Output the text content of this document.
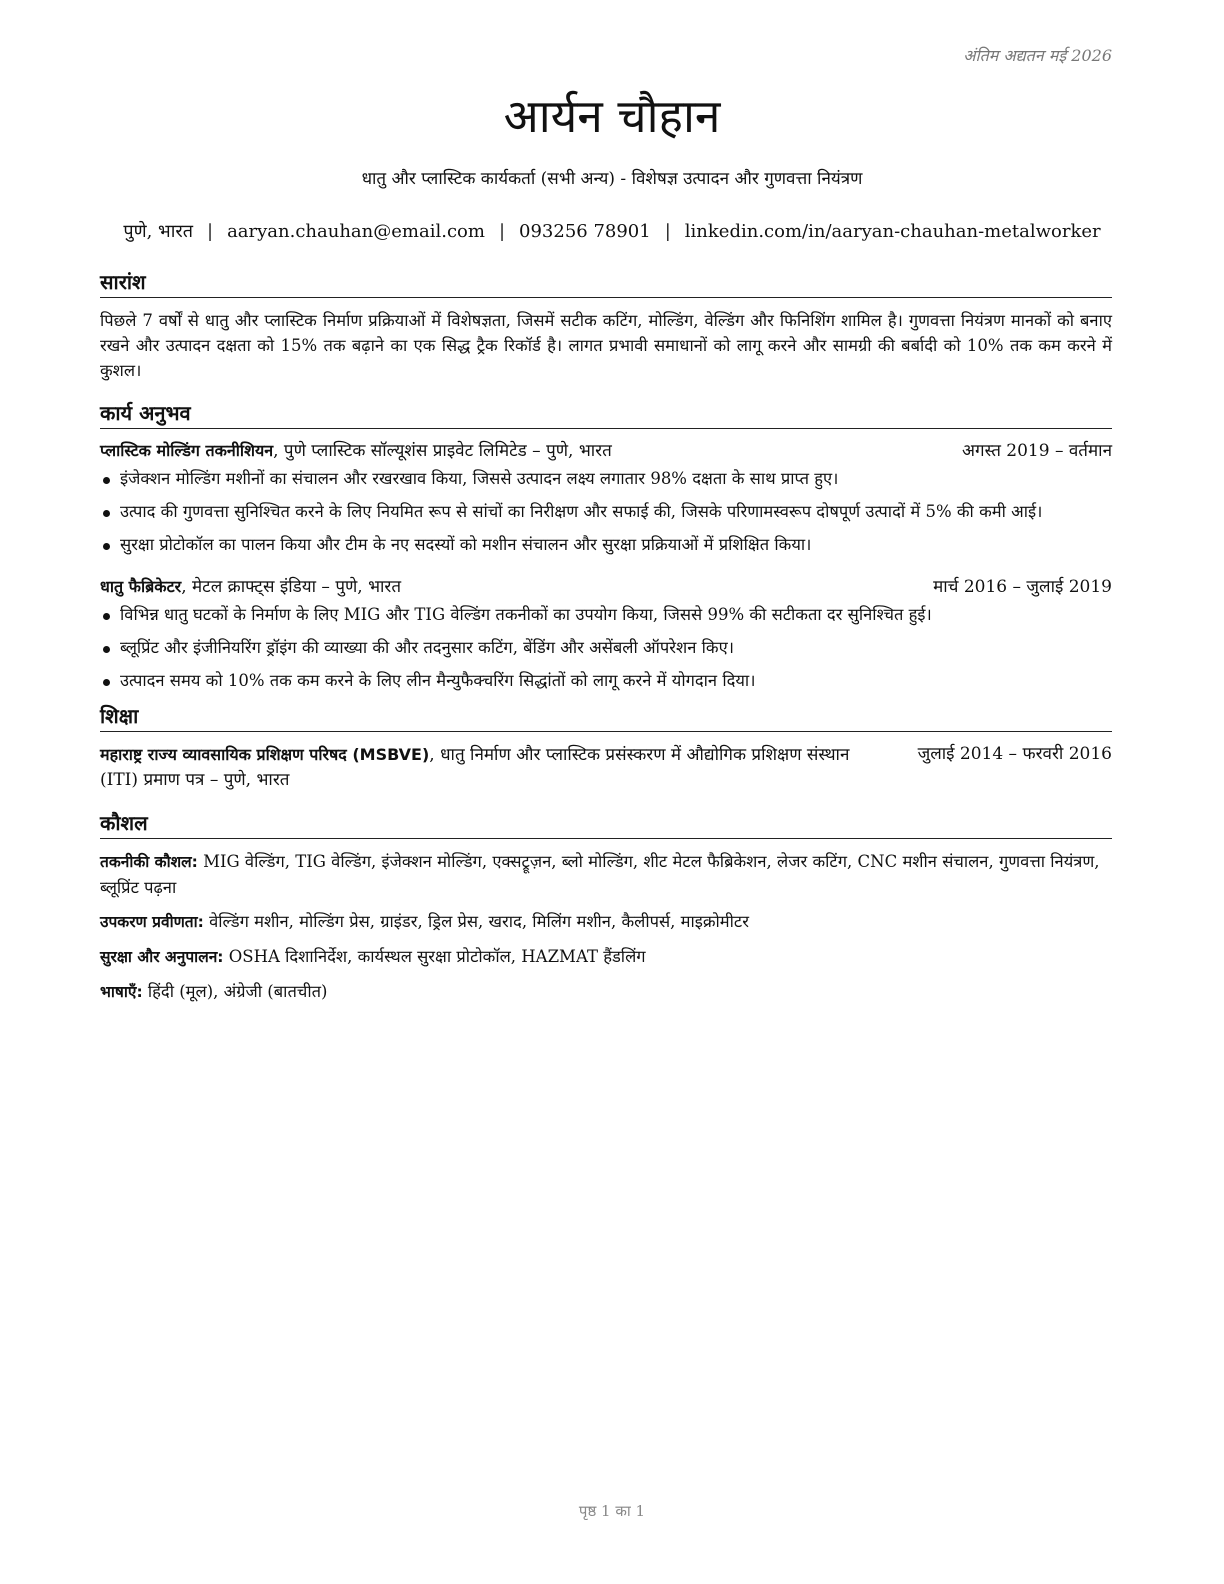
अंतिम अद्यतन मई 2026
आर्यन चौहान
धातु और प्लास्टिक कार्यकर्ता (सभी अन्य) - विशेषज्ञ उत्पादन और गुणवत्ता नियंत्रण
पुणे, भारत | aaryan.chauhan@email.com | 093256 78901 | linkedin.com/in/aaryan-chauhan-metalworker
सारांश

पिछले 7 वर्षों से धातु और प्लास्टिक निर्माण प्रक्रियाओं में विशेषज्ञता, जिसमें सटीक कटिंग, मोल्डिंग, वेल्डिंग और फिनिशिंग शामिल है। गुणवत्ता नियंत्रण मानकों को बनाए रखने और उत्पादन दक्षता को 15% तक बढ़ाने का एक सिद्ध ट्रैक रिकॉर्ड है। लागत प्रभावी समाधानों को लागू करने और सामग्री की बर्बादी को 10% तक कम करने में कुशल।

कार्य अनुभव
प्लास्टिक मोल्डिंग तकनीशियन, पुणे प्लास्टिक सॉल्यूशंस प्राइवेट लिमिटेड – पुणे, भारत	अगस्त 2019 – वर्तमान
इंजेक्शन मोल्डिंग मशीनों का संचालन और रखरखाव किया, जिससे उत्पादन लक्ष्य लगातार 98% दक्षता के साथ प्राप्त हुए।
उत्पाद की गुणवत्ता सुनिश्चित करने के लिए नियमित रूप से सांचों का निरीक्षण और सफाई की, जिसके परिणामस्वरूप दोषपूर्ण उत्पादों में 5% की कमी आई।
सुरक्षा प्रोटोकॉल का पालन किया और टीम के नए सदस्यों को मशीन संचालन और सुरक्षा प्रक्रियाओं में प्रशिक्षित किया।
धातु फैब्रिकेटर, मेटल क्राफ्ट्स इंडिया – पुणे, भारत	मार्च 2016 – जुलाई 2019
विभिन्न धातु घटकों के निर्माण के लिए MIG और TIG वेल्डिंग तकनीकों का उपयोग किया, जिससे 99% की सटीकता दर सुनिश्चित हुई।
ब्लूप्रिंट और इंजीनियरिंग ड्रॉइंग की व्याख्या की और तदनुसार कटिंग, बेंडिंग और असेंबली ऑपरेशन किए।
उत्पादन समय को 10% तक कम करने के लिए लीन मैन्युफैक्चरिंग सिद्धांतों को लागू करने में योगदान दिया।
शिक्षा
महाराष्ट्र राज्य व्यावसायिक प्रशिक्षण परिषद (MSBVE), धातु निर्माण और प्लास्टिक प्रसंस्करण में औद्योगिक प्रशिक्षण संस्थान (ITI) प्रमाण पत्र – पुणे, भारत
जुलाई 2014 – फरवरी 2016
कौशल

तकनीकी कौशल: MIG वेल्डिंग, TIG वेल्डिंग, इंजेक्शन मोल्डिंग, एक्सट्रूज़न, ब्लो मोल्डिंग, शीट मेटल फैब्रिकेशन, लेजर कटिंग, CNC मशीन संचालन, गुणवत्ता नियंत्रण, ब्लूप्रिंट पढ़ना

उपकरण प्रवीणता: वेल्डिंग मशीन, मोल्डिंग प्रेस, ग्राइंडर, ड्रिल प्रेस, खराद, मिलिंग मशीन, कैलीपर्स, माइक्रोमीटर

सुरक्षा और अनुपालन: OSHA दिशानिर्देश, कार्यस्थल सुरक्षा प्रोटोकॉल, HAZMAT हैंडलिंग

भाषाएँ: हिंदी (मूल), अंग्रेजी (बातचीत)

पृष्ठ 1 का 1
